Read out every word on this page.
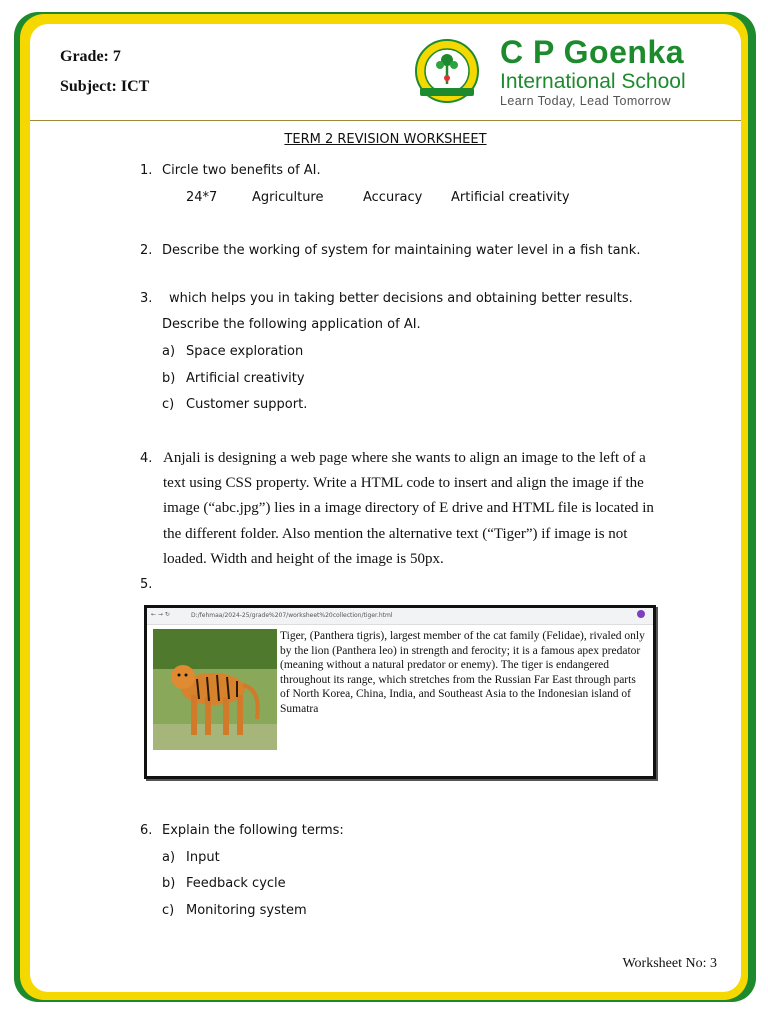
Grade: 7
Subject: ICT
C P Goenka
International School
Learn Today, Lead Tomorrow
TERM 2 REVISION WORKSHEET
1. Circle two benefits of AI.
24*7	Agriculture	Accuracy Artificial creativity
2. Describe the working of system for maintaining water level in a fish tank.
3. which helps you in taking better decisions and obtaining better results.
Describe the following application of AI.
a) Space exploration
b) Artificial creativity
c) Customer support.
4. Anjali is designing a web page where she wants to align an image to the left of a
text using CSS property. Write a HTML code to insert and align the image if the
image (“abc.jpg”) lies in a image directory of E drive and HTML file is located in
the different folder. Also mention the alternative text (“Tiger”) if image is not
loaded. Width and height of the image is 50px.
5.
← → ↻	D:/fehmaa/2024-25/grade%207/worksheet%20collection/tiger.html
Tiger, (Panthera tigris), largest member of the cat family (Felidae), rivaled only by the lion (Panthera leo) in strength and ferocity; it is a famous apex predator (meaning without a natural predator or enemy). The tiger is endangered throughout its range, which stretches from the Russian Far East through parts of North Korea, China, India, and Southeast Asia to the Indonesian island of Sumatra
6. Explain the following terms:
a) Input
b) Feedback cycle
c) Monitoring system
Worksheet No: 3
